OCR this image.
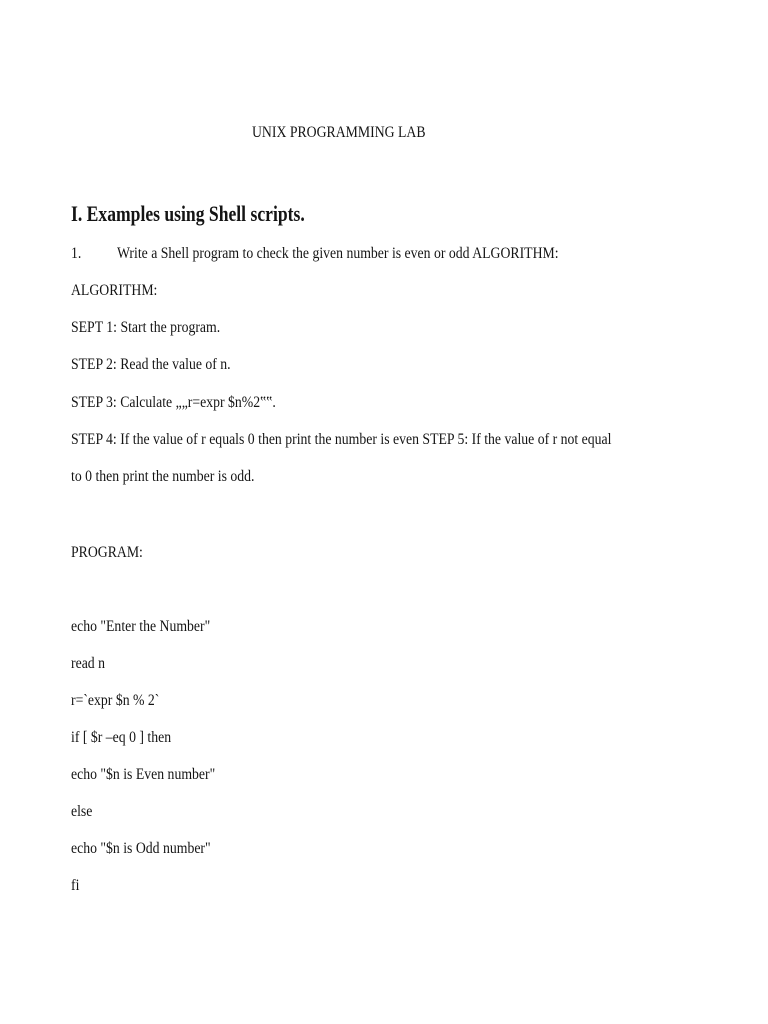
UNIX PROGRAMMING LAB
I. Examples using Shell scripts.
1. Write a Shell program to check the given number is even or odd ALGORITHM:
ALGORITHM:
SEPT 1: Start the program.
STEP 2: Read the value of n.
STEP 3: Calculate „„r=expr $n%2‟‟.
STEP 4: If the value of r equals 0 then print the number is even STEP 5: If the value of r not equal
to 0 then print the number is odd.
PROGRAM:
echo "Enter the Number"
read n
r=`expr $n % 2`
if [ $r –eq 0 ] then
echo "$n is Even number"
else
echo "$n is Odd number"
fi
